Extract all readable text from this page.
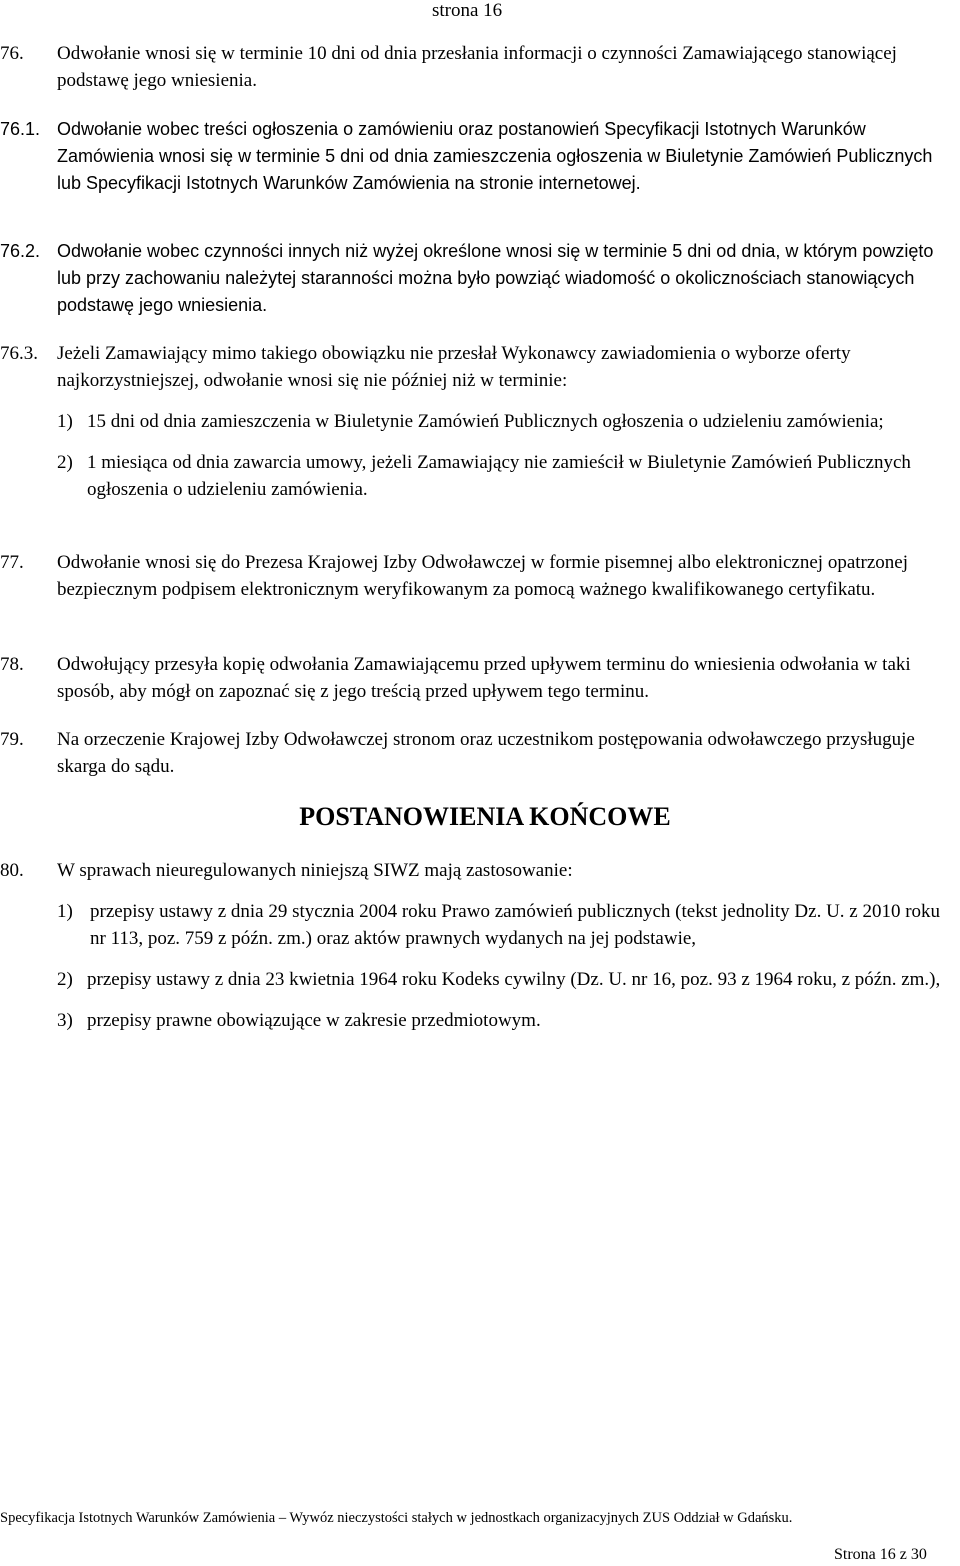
strona 16
76. Odwołanie wnosi się w terminie 10 dni od dnia przesłania informacji o czynności Zamawiającego stanowiącej podstawę jego wniesienia.
76.1. Odwołanie wobec treści ogłoszenia o zamówieniu oraz postanowień Specyfikacji Istotnych Warunków Zamówienia wnosi się w terminie 5 dni od dnia zamieszczenia ogłoszenia w Biuletynie Zamówień Publicznych lub Specyfikacji Istotnych Warunków Zamówienia na stronie internetowej.
76.2. Odwołanie wobec czynności innych niż wyżej określone wnosi się w terminie 5 dni od dnia, w którym powzięto lub przy zachowaniu należytej staranności można było powziąć wiadomość o okolicznościach stanowiących podstawę jego wniesienia.
76.3. Jeżeli Zamawiający mimo takiego obowiązku nie przesłał Wykonawcy zawiadomienia o wyborze oferty najkorzystniejszej, odwołanie wnosi się nie później niż w terminie:
1) 15 dni od dnia zamieszczenia w Biuletynie Zamówień Publicznych ogłoszenia o udzieleniu zamówienia;
2) 1 miesiąca od dnia zawarcia umowy, jeżeli Zamawiający nie zamieścił w Biuletynie Zamówień Publicznych ogłoszenia o udzieleniu zamówienia.
77. Odwołanie wnosi się do Prezesa Krajowej Izby Odwoławczej w formie pisemnej albo elektronicznej opatrzonej bezpiecznym podpisem elektronicznym weryfikowanym za pomocą ważnego kwalifikowanego certyfikatu.
78. Odwołujący przesyła kopię odwołania Zamawiającemu przed upływem terminu do wniesienia odwołania w taki sposób, aby mógł on zapoznać się z jego treścią przed upływem tego terminu.
79. Na orzeczenie Krajowej Izby Odwoławczej stronom oraz uczestnikom postępowania odwoławczego przysługuje skarga do sądu.
POSTANOWIENIA KOŃCOWE
80. W sprawach nieuregulowanych niniejszą SIWZ mają zastosowanie:
1) przepisy ustawy z dnia 29 stycznia 2004 roku Prawo zamówień publicznych (tekst jednolity Dz. U. z 2010 roku nr 113, poz. 759 z późn. zm.) oraz aktów prawnych wydanych na jej podstawie,
2) przepisy ustawy z dnia 23 kwietnia 1964 roku Kodeks cywilny (Dz. U. nr 16, poz. 93 z 1964 roku, z późn. zm.),
3) przepisy prawne obowiązujące w zakresie przedmiotowym.
Specyfikacja Istotnych Warunków Zamówienia – Wywóz nieczystości stałych w jednostkach organizacyjnych ZUS Oddział w Gdańsku.
Strona 16 z 30
